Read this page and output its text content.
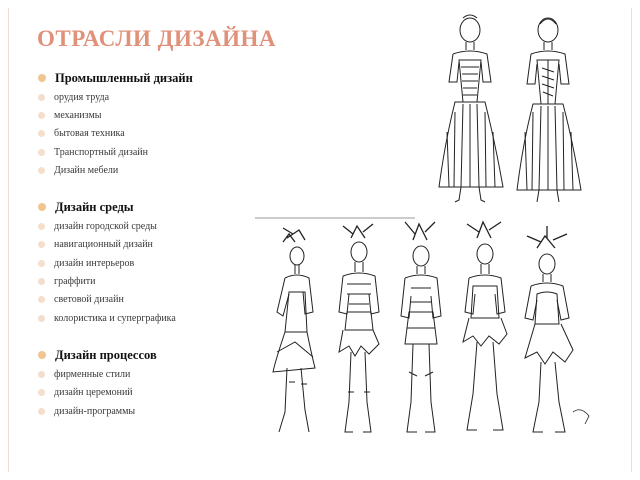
ОТРАСЛИ ДИЗАЙНА
Промышленный дизайн
орудия труда
механизмы
бытовая техника
Транспортный дизайн
Дизайн мебели
Дизайн среды
дизайн городской среды
навигационный дизайн
дизайн интерьеров
граффити
световой дизайн
колористика и суперграфика
Дизайн процессов
фирменные стили
дизайн церемоний
дизайн-программы
